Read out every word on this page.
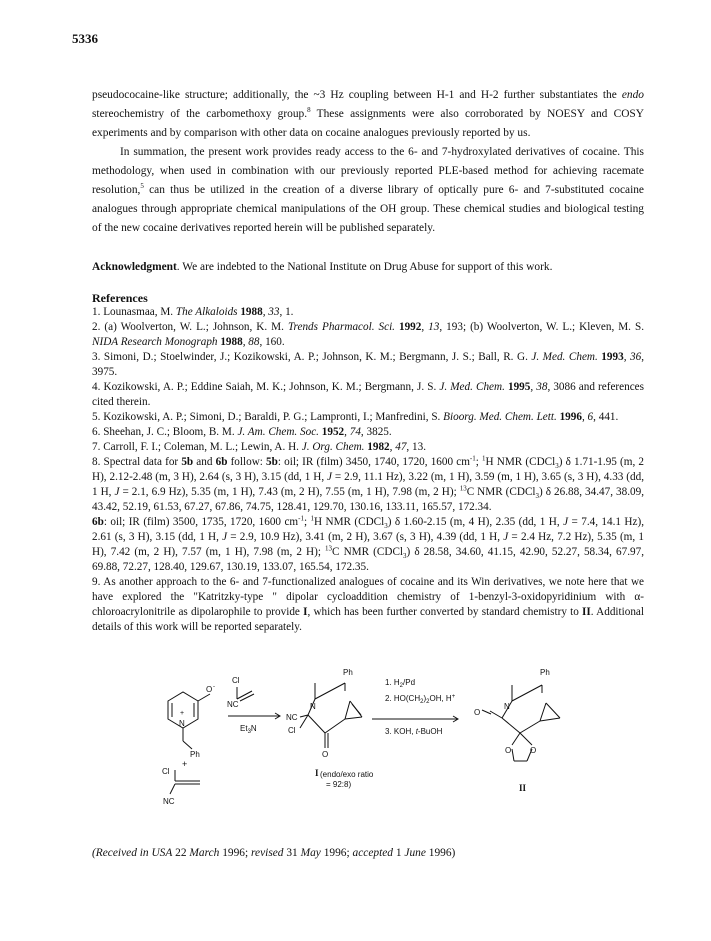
5336

pseudococaine-like structure; additionally, the ~3 Hz coupling between H-1 and H-2 further substantiates the endo stereochemistry of the carbomethoxy group.$^8$ These assignments were also corroborated by NOESY and COSY experiments and by comparison with other data on cocaine analogues previously reported by us.

In summation, the present work provides ready access to the 6- and 7-hydroxylated derivatives of cocaine. This methodology, when used in combination with our previously reported PLE-based method for achieving racemate resolution,$^5$ can thus be utilized in the creation of a diverse library of optically pure 6- and 7-substituted cocaine analogues through appropriate chemical manipulations of the OH group. These chemical studies and biological testing of the new cocaine derivatives reported herein will be published separately.

Acknowledgment. We are indebted to the National Institute on Drug Abuse for support of this work.

References

1. Lounasmaa, M. The Alkaloids 1988, 33, 1.

2. (a) Woolverton, W. L.; Johnson, K. M. Trends Pharmacol. Sci. 1992, 13, 193; (b) Woolverton, W. L.; Kleven, M. S. NIDA Research Monograph 1988, 88, 160.

3. Simoni, D.; Stoelwinder, J.; Kozikowski, A. P.; Johnson, K. M.; Bergmann, J. S.; Ball, R. G. J. Med. Chem. 1993, 36, 3975.

4. Kozikowski, A. P.; Eddine Saiah, M. K.; Johnson, K. M.; Bergmann, J. S. J. Med. Chem. 1995, 38, 3086 and references cited therein.

5. Kozikowski, A. P.; Simoni, D.; Baraldi, P. G.; Lampronti, I.; Manfredini, S. Bioorg. Med. Chem. Lett. 1996, 6, 441.

6. Sheehan, J. C.; Bloom, B. M. J. Am. Chem. Soc. 1952, 74, 3825.

7. Carroll, F. I.; Coleman, M. L.; Lewin, A. H. J. Org. Chem. 1982, 47, 13.

8. Spectral data for 5b and 6b follow: 5b: oil; IR (film) 3450, 1740, 1720, 1600 $cm^{-1}$; $^1$H NMR (CDCl$_3$) δ 1.71-1.95 (m, 2 H), 2.12-2.48 (m, 3 H), 2.64 (s, 3 H), 3.15 (dd, 1 H, J = 2.9, 11.1 Hz), 3.22 (m, 1 H), 3.59 (m, 1 H), 3.65 (s, 3 H), 4.33 (dd, 1 H, J = 2.1, 6.9 Hz), 5.35 (m, 1 H), 7.43 (m, 2 H), 7.55 (m, 1 H), 7.98 (m, 2 H); $^{13}$C NMR (CDCl$_3$) δ 26.88, 34.47, 38.09, 43.42, 52.19, 61.53, 67.27, 67.86, 74.75, 128.41, 129.70, 130.16, 133.11, 165.57, 172.34.

6b: oil; IR (film) 3500, 1735, 1720, 1600 $cm^{-1}$; $^1$H NMR (CDCl$_3$) δ 1.60-2.15 (m, 4 H), 2.35 (dd, 1 H, J = 7.4, 14.1 Hz), 2.61 (s, 3 H), 3.15 (dd, 1 H, J = 2.9, 10.9 Hz), 3.41 (m, 2 H), 3.67 (s, 3 H), 4.39 (dd, 1 H, J = 2.4 Hz, 7.2 Hz), 5.35 (m, 1 H), 7.42 (m, 2 H), 7.57 (m, 1 H), 7.98 (m, 2 H); $^{13}$C NMR (CDCl$_3$) δ 28.58, 34.60, 41.15, 42.90, 52.27, 58.34, 67.97, 69.88, 72.27, 128.40, 129.67, 130.19, 133.07, 165.54, 172.35.

9. As another approach to the 6- and 7-functionalized analogues of cocaine and its Win derivatives, we note here that we have explored the "Katritzky-type " dipolar cycloaddition chemistry of 1-benzyl-3-oxidopyridinium with α-chloroacrylonitrile as dipolarophile to provide I, which has been further converted by standard chemistry to II. Additional details of this work will be reported separately.

O -
N
+
Ph
Cl
NC
+
Cl
NC
$Et_3N$
Ph
N
NC
Cl
O
I (endo/exo ratio
= 92:8)
1. $H_2/Pd$
2. $HO(CH_2)_2OH$, H+
3. KOH, t-BuOH
Ph
N
O
O O
II

(Received in USA 22 March 1996; revised 31 May 1996; accepted 1 June 1996)
